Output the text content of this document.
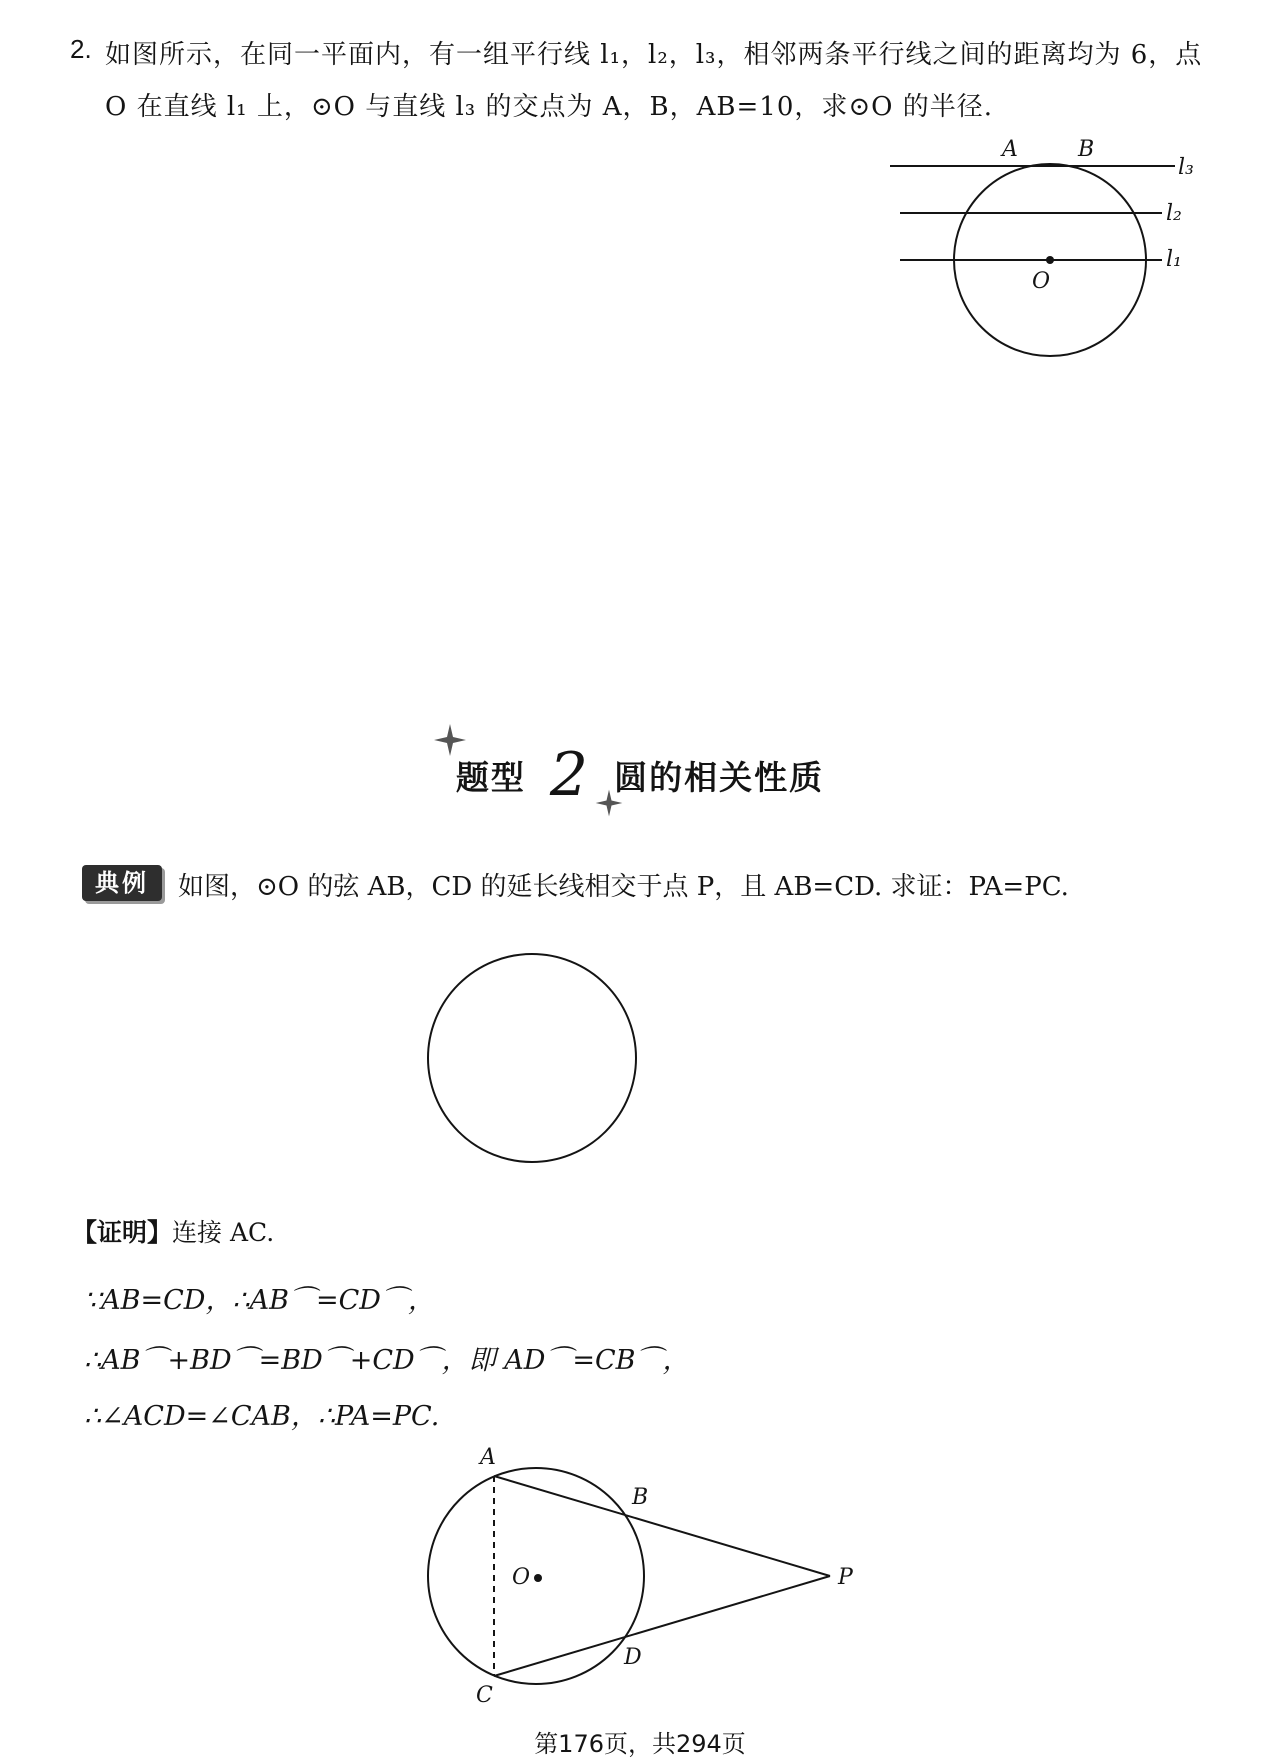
2. 如图所示，在同一平面内，有一组平行线 l₁，l₂，l₃，相邻两条平行线之间的距离均为 6，点
O 在直线 l₁ 上，⊙O 与直线 l₃ 的交点为 A，B，AB=10，求⊙O 的半径.
A	B
O
l₃
l₂
l₁
题型 2 圆的相关性质
典例	如图，⊙O 的弦 AB，CD 的延长线相交于点 P，且 AB=CD. 求证：PA=PC.
【证明】连接 AC.
∵AB=CD，∴AB⌒=CD⌒，
∴AB⌒+BD⌒=BD⌒+CD⌒，即 AD⌒=CB⌒，
∴∠ACD=∠CAB，∴PA=PC.
A
B
O	P
D
C
第176页，共294页
